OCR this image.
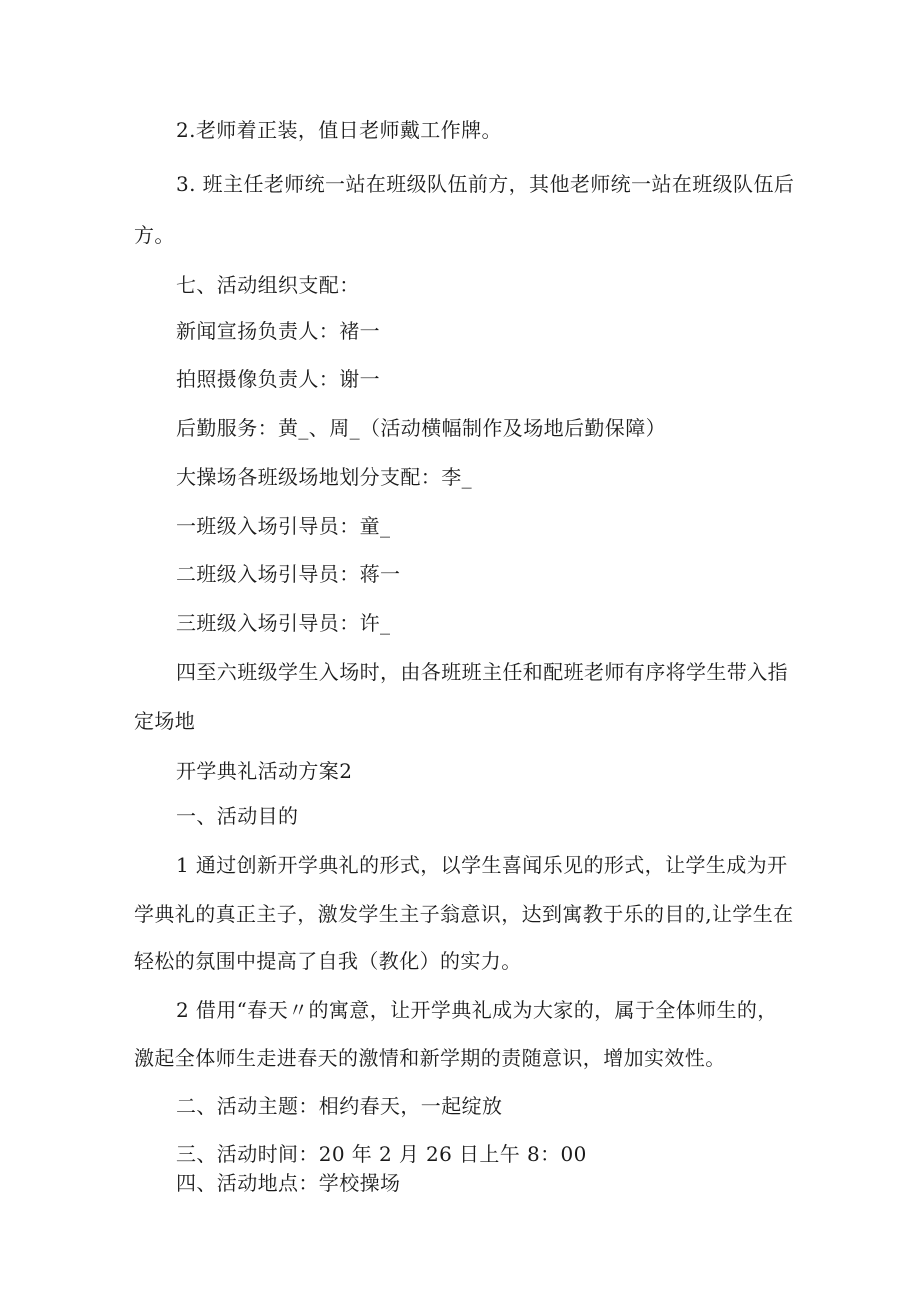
2.老师着正装，值日老师戴工作牌。
3. 班主任老师统一站在班级队伍前方，其他老师统一站在班级队伍后
方。
七、活动组织支配：
新闻宣扬负责人：褚一
拍照摄像负责人：谢一
后勤服务：黄_、周_（活动横幅制作及场地后勤保障）
大操场各班级场地划分支配：李_
一班级入场引导员：童_
二班级入场引导员：蒋一
三班级入场引导员：许_
四至六班级学生入场时，由各班班主任和配班老师有序将学生带入指
定场地
开学典礼活动方案2
一、活动目的
1 通过创新开学典礼的形式，以学生喜闻乐见的形式，让学生成为开
学典礼的真正主子，激发学生主子翁意识，达到寓教于乐的目的,让学生在
轻松的氛围中提高了自我（教化）的实力。
2 借用“春天〃的寓意，让开学典礼成为大家的，属于全体师生的，
激起全体师生走进春天的激情和新学期的责随意识，增加实效性。
二、活动主题：相约春天，一起绽放
三、活动时间：20 年 2 月 26 日上午 8：00
四、活动地点：学校操场
